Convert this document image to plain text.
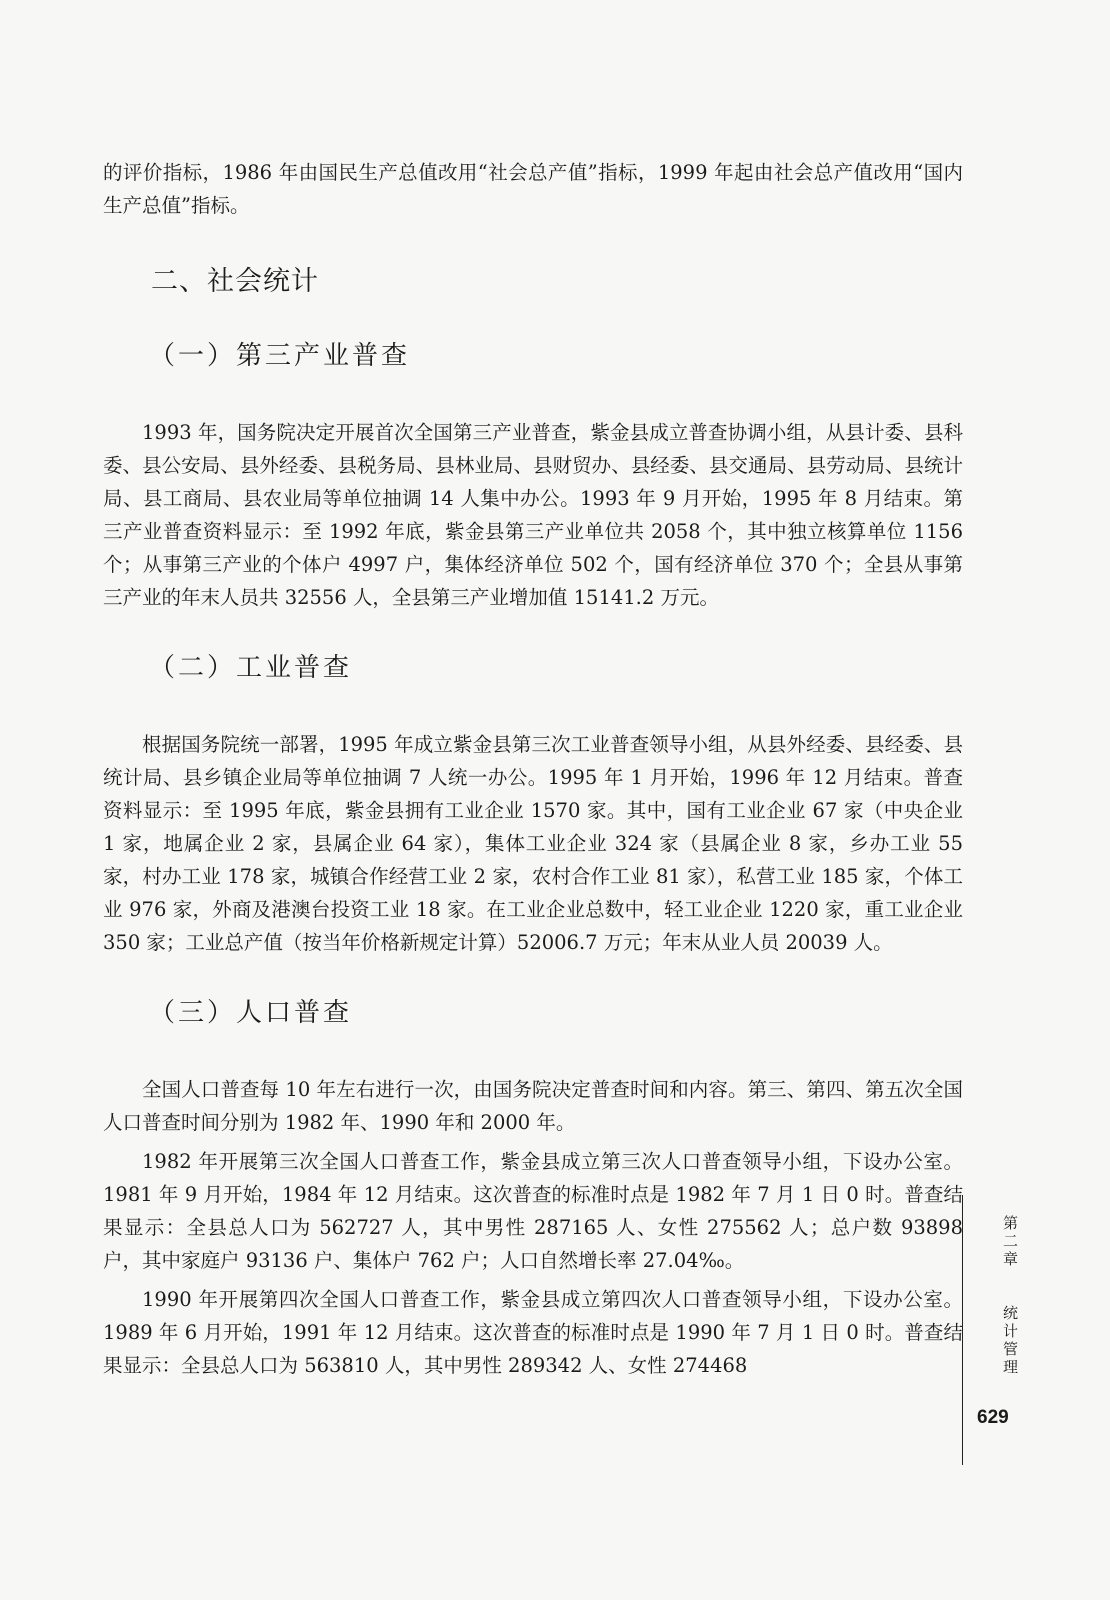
的评价指标，1986 年由国民生产总值改用“社会总产值”指标，1999 年起由社会总产值改用“国内生产总值”指标。

二、社会统计
（一）第三产业普查

1993 年，国务院决定开展首次全国第三产业普查，紫金县成立普查协调小组，从县计委、县科委、县公安局、县外经委、县税务局、县林业局、县财贸办、县经委、县交通局、县劳动局、县统计局、县工商局、县农业局等单位抽调 14 人集中办公。1993 年 9 月开始，1995 年 8 月结束。第三产业普查资料显示：至 1992 年底，紫金县第三产业单位共 2058 个，其中独立核算单位 1156 个；从事第三产业的个体户 4997 户，集体经济单位 502 个，国有经济单位 370 个；全县从事第三产业的年末人员共 32556 人，全县第三产业增加值 15141.2 万元。

（二）工业普查

根据国务院统一部署，1995 年成立紫金县第三次工业普查领导小组，从县外经委、县经委、县统计局、县乡镇企业局等单位抽调 7 人统一办公。1995 年 1 月开始，1996 年 12 月结束。普查资料显示：至 1995 年底，紫金县拥有工业企业 1570 家。其中，国有工业企业 67 家（中央企业 1 家，地属企业 2 家，县属企业 64 家），集体工业企业 324 家（县属企业 8 家，乡办工业 55 家，村办工业 178 家，城镇合作经营工业 2 家，农村合作工业 81 家），私营工业 185 家，个体工业 976 家，外商及港澳台投资工业 18 家。在工业企业总数中，轻工业企业 1220 家，重工业企业 350 家；工业总产值（按当年价格新规定计算）52006.7 万元；年末从业人员 20039 人。

（三）人口普查

全国人口普查每 10 年左右进行一次，由国务院决定普查时间和内容。第三、第四、第五次全国人口普查时间分别为 1982 年、1990 年和 2000 年。

1982 年开展第三次全国人口普查工作，紫金县成立第三次人口普查领导小组，下设办公室。1981 年 9 月开始，1984 年 12 月结束。这次普查的标准时点是 1982 年 7 月 1 日 0 时。普查结果显示：全县总人口为 562727 人，其中男性 287165 人、女性 275562 人；总户数 93898 户，其中家庭户 93136 户、集体户 762 户；人口自然增长率 27.04‰。

1990 年开展第四次全国人口普查工作，紫金县成立第四次人口普查领导小组，下设办公室。1989 年 6 月开始，1991 年 12 月结束。这次普查的标准时点是 1990 年 7 月 1 日 0 时。普查结果显示：全县总人口为 563810 人，其中男性 289342 人、女性 274468

第二章
统计管理
629
